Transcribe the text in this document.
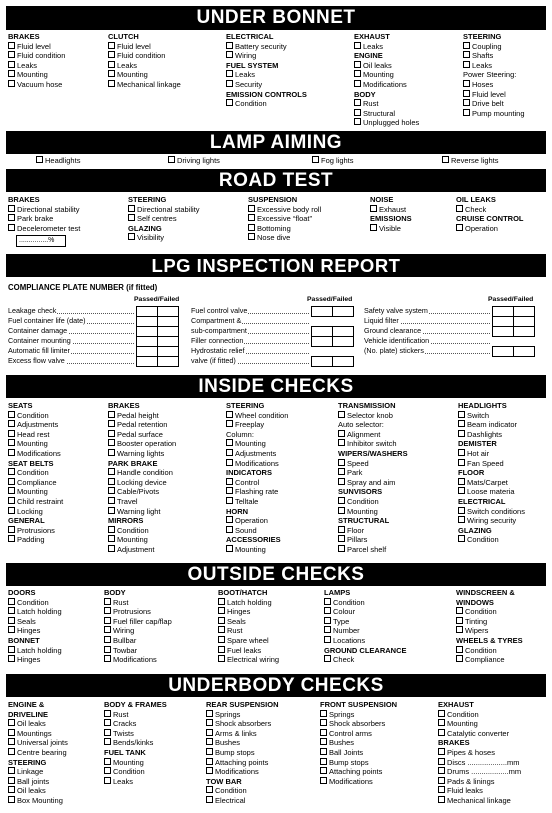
UNDER BONNET
BRAKES
Fluid level
Fluid condition
Leaks
Mounting
Vacuum hose
CLUTCH
Fluid level
Fluid condition
Leaks
Mounting
Mechanical linkage
ELECTRICAL
Battery security
Wiring
FUEL SYSTEM
Leaks
Security
EMISSION CONTROLS
Condition
EXHAUST
Leaks
ENGINE
Oil leaks
Mounting
Modifications
BODY
Rust
Structural
Unplugged holes
STEERING
Coupling
Shafts
Leaks
Power Steering:
Hoses
Fluid level
Drive belt
Pump mounting
LAMP AIMING
Headlights	Driving lights	Fog lights	Reverse lights
ROAD TEST
BRAKES
Directional stability
Park brake
Decelerometer test
STEERING
Directional stability
Self centres
GLAZING
Visibility
SUSPENSION
Excessive body roll
Excessive “float”
Bottoming
Nose dive
NOISE
Exhaust
EMISSIONS
Visible
OIL LEAKS
Check
CRUISE CONTROL
Operation
...............%
LPG INSPECTION REPORT
COMPLIANCE PLATE NUMBER (if fitted)
Passed/Failed	Passed/Failed	Passed/Failed
Leakage check
Fuel container life (date)
Container damage
Container mounting
Automatic fill limiter
Excess flow valve
Fuel control valve
Compartment &
sub-compartment
Filler connection
Hydrostatic relief
valve (if fitted)
Safety valve system
Liquid filter
Ground clearance
Vehicle identification
(No. plate) stickers
INSIDE CHECKS
SEATS
Condition
Adjustments
Head rest
Mounting
Modifications
SEAT BELTS
Condition
Compliance
Mounting
Child restraint
Locking
GENERAL
Protrusions
Padding
BRAKES
Pedal height
Pedal retention
Pedal surface
Booster operation
Warning lights
PARK BRAKE
Handle condition
Locking device
Cable/Pivots
Travel
Warning light
MIRRORS
Condition
Mounting
Adjustment
STEERING
Wheel condition
Freeplay
Column:
Mounting
Adjustments
Modifications
INDICATORS
Control
Flashing rate
Telltale
HORN
Operation
Sound
ACCESSORIES
Mounting
TRANSMISSION
Selector knob
Auto selector:
Alignment
Inhibitor switch
WIPERS/WASHERS
Speed
Park
Spray and aim
SUNVISORS
Condition
Mounting
STRUCTURAL
Floor
Pillars
Parcel shelf
HEADLIGHTS
Switch
Beam indicator
Dashlights
DEMISTER
Hot air
Fan Speed
FLOOR
Mats/Carpet
Loose materia
ELECTRICAL
Switch conditions
Wiring security
GLAZING
Condition
OUTSIDE CHECKS
DOORS
Condition
Latch holding
Seals
Hinges
BONNET
Latch holding
Hinges
BODY
Rust
Protrusions
Fuel filler cap/flap
Wiring
Bullbar
Towbar
Modifications
BOOT/HATCH
Latch holding
Hinges
Seals
Rust
Spare wheel
Fuel leaks
Electrical wiring
LAMPS
Condition
Colour
Type
Number
Locations
GROUND CLEARANCE
Check
WINDSCREEN &
WINDOWS
Condition
Tinting
Wipers
WHEELS & TYRES
Condition
Compliance
UNDERBODY CHECKS
ENGINE &
DRIVELINE
Oil leaks
Mountings
Universal joints
Centre bearing
STEERING
Linkage
Ball joints
Oil leaks
Box Mounting
BODY & FRAMES
Rust
Cracks
Twists
Bends/kinks
FUEL TANK
Mounting
Condition
Leaks
REAR SUSPENSION
Springs
Shock absorbers
Arms & links
Bushes
Bump stops
Attaching points
Modifications
TOW BAR
Condition
Electrical
FRONT SUSPENSION
Springs
Shock absorbers
Control arms
Bushes
Ball Joints
Bump stops
Attaching points
Modifications
EXHAUST
Condition
Mounting
Catalytic converter
BRAKES
Pipes & hoses
Discs ...................mm
Drums ..................mm
Pads & linings
Fluid leaks
Mechanical linkage
